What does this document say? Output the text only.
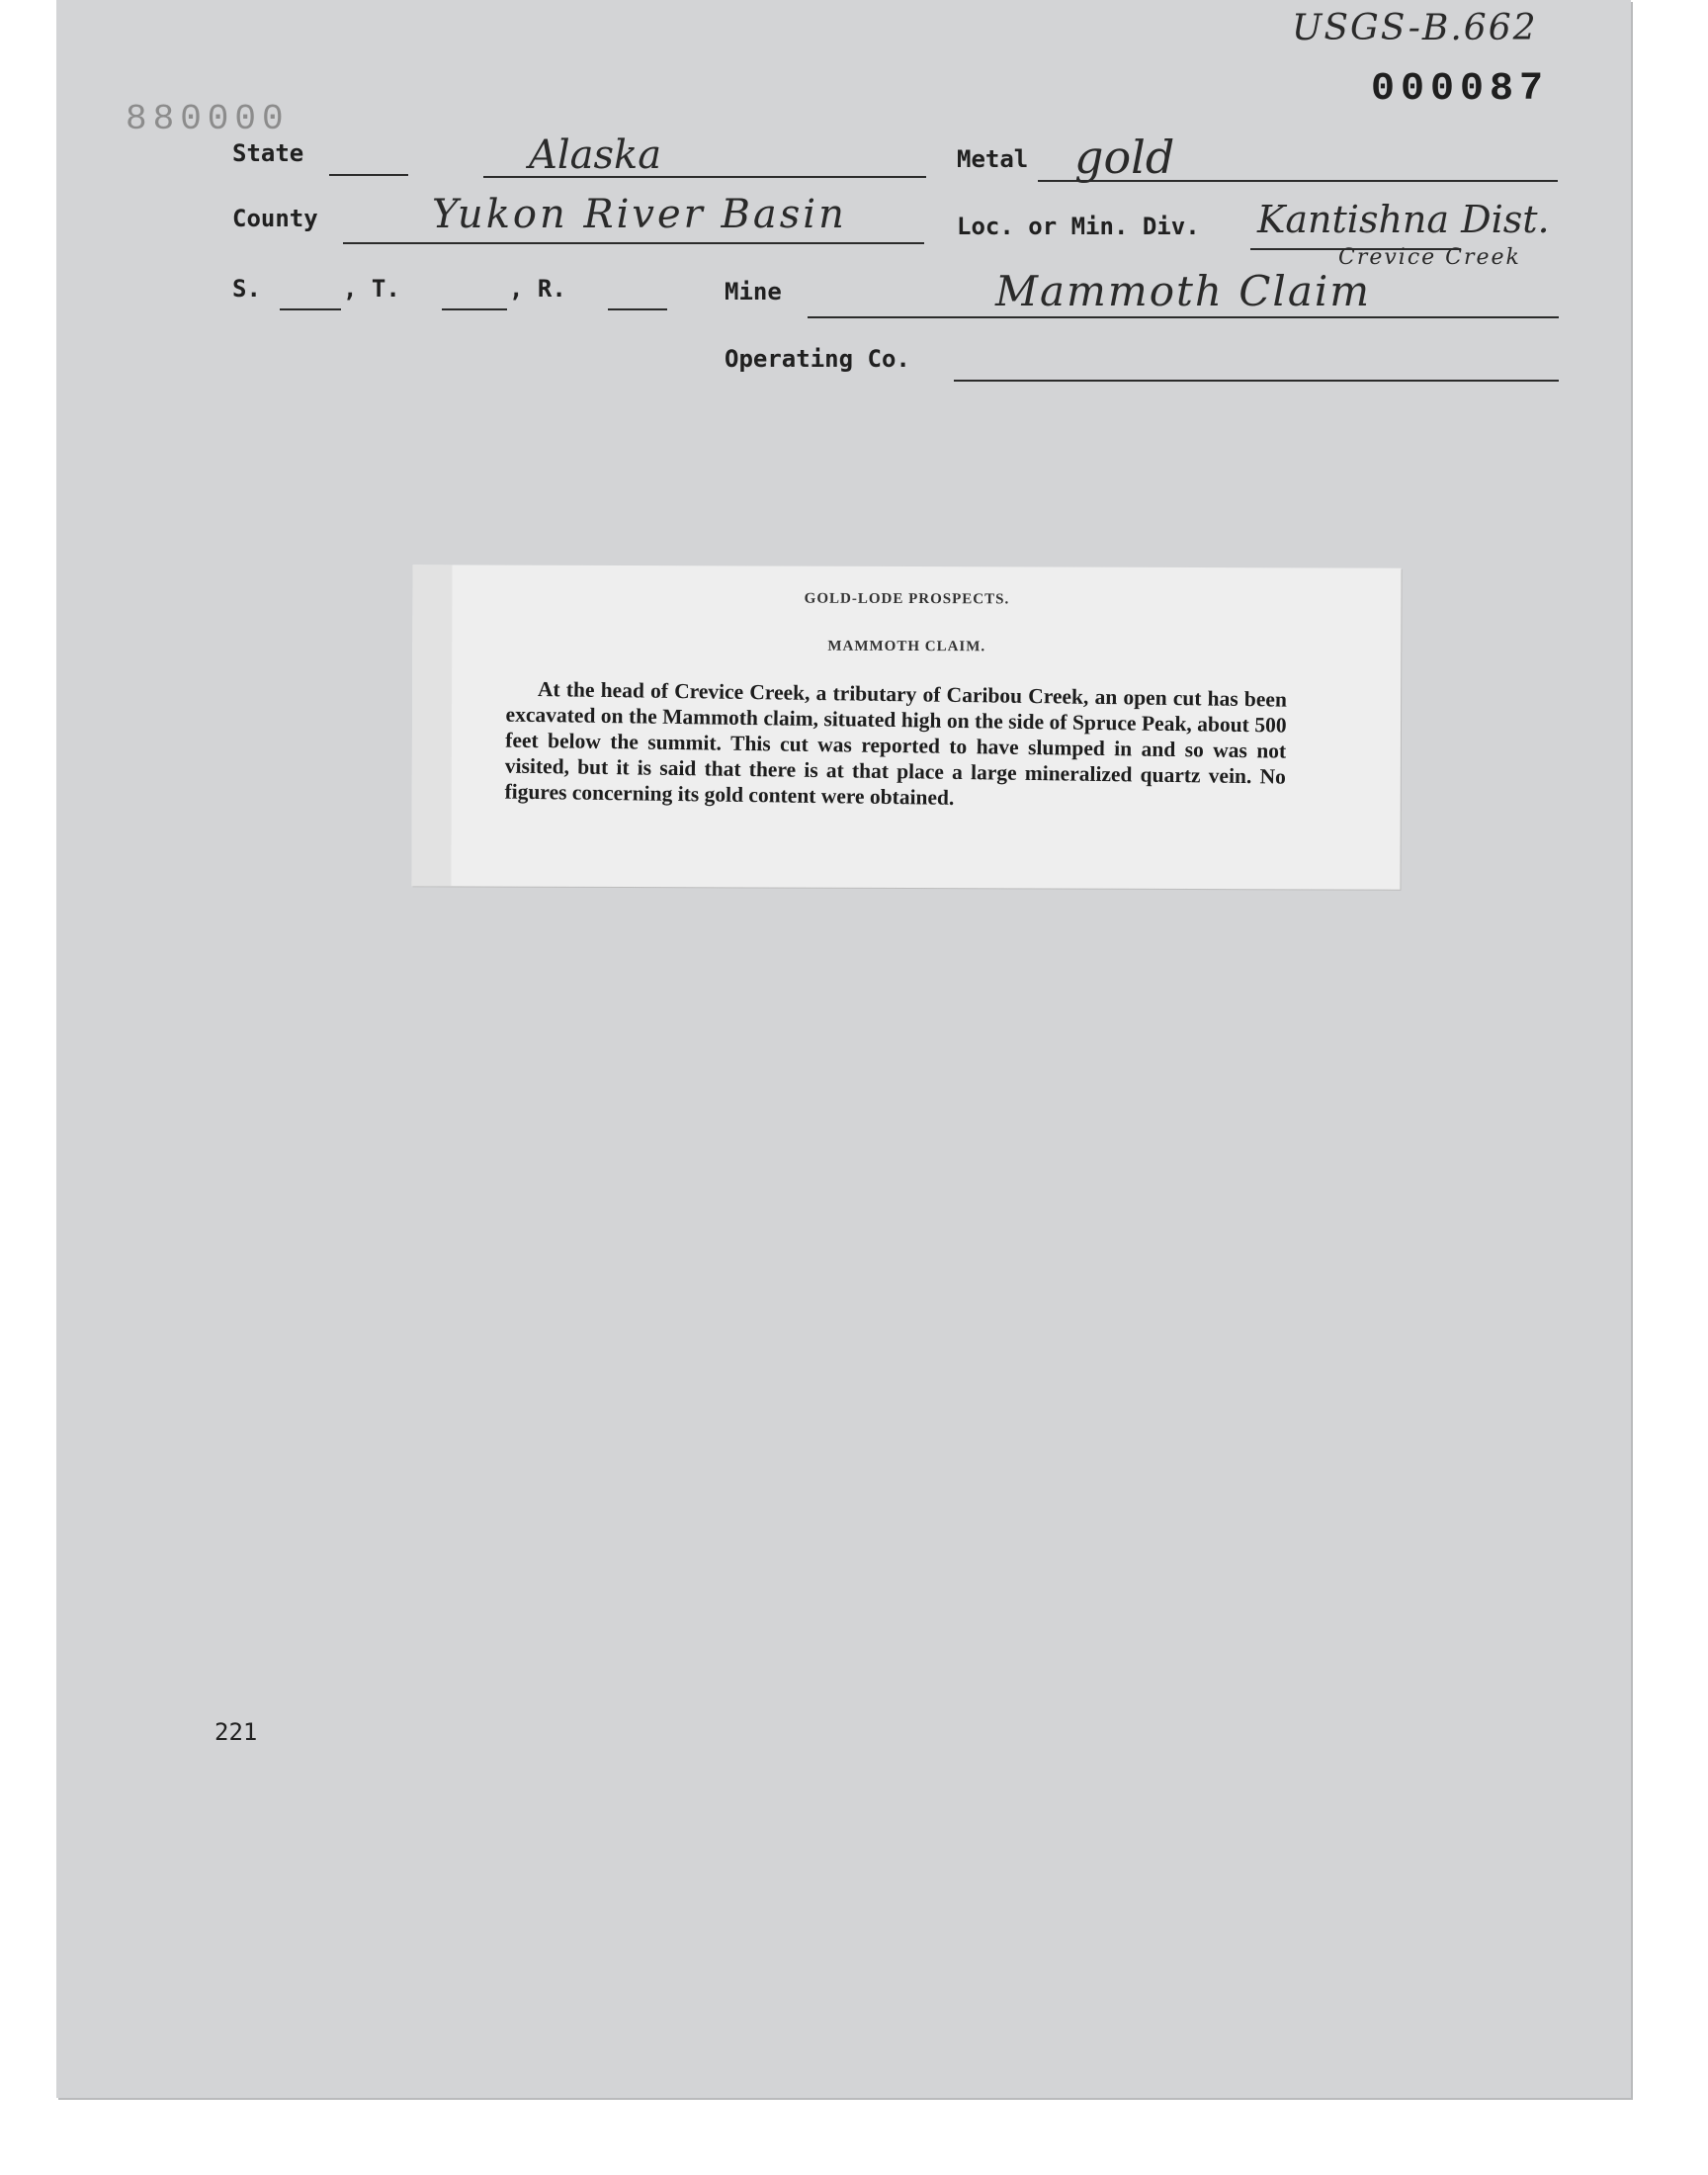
USGS-B.662
000087
880000
State	Alaska	Metal gold
County	Yukon River Basin	Loc. or Min. Div. Kantishna Dist.
Crevice Creek
S.	, T.	, R.	Mine	Mammoth Claim
Operating Co.
GOLD-LODE PROSPECTS.
MAMMOTH CLAIM.

At the head of Crevice Creek, a tributary of Caribou Creek, an open cut has been excavated on the Mammoth claim, situated high on the side of Spruce Peak, about 500 feet below the summit. This cut was reported to have slumped in and so was not visited, but it is said that there is at that place a large mineralized quartz vein. No figures concerning its gold content were obtained.

221
